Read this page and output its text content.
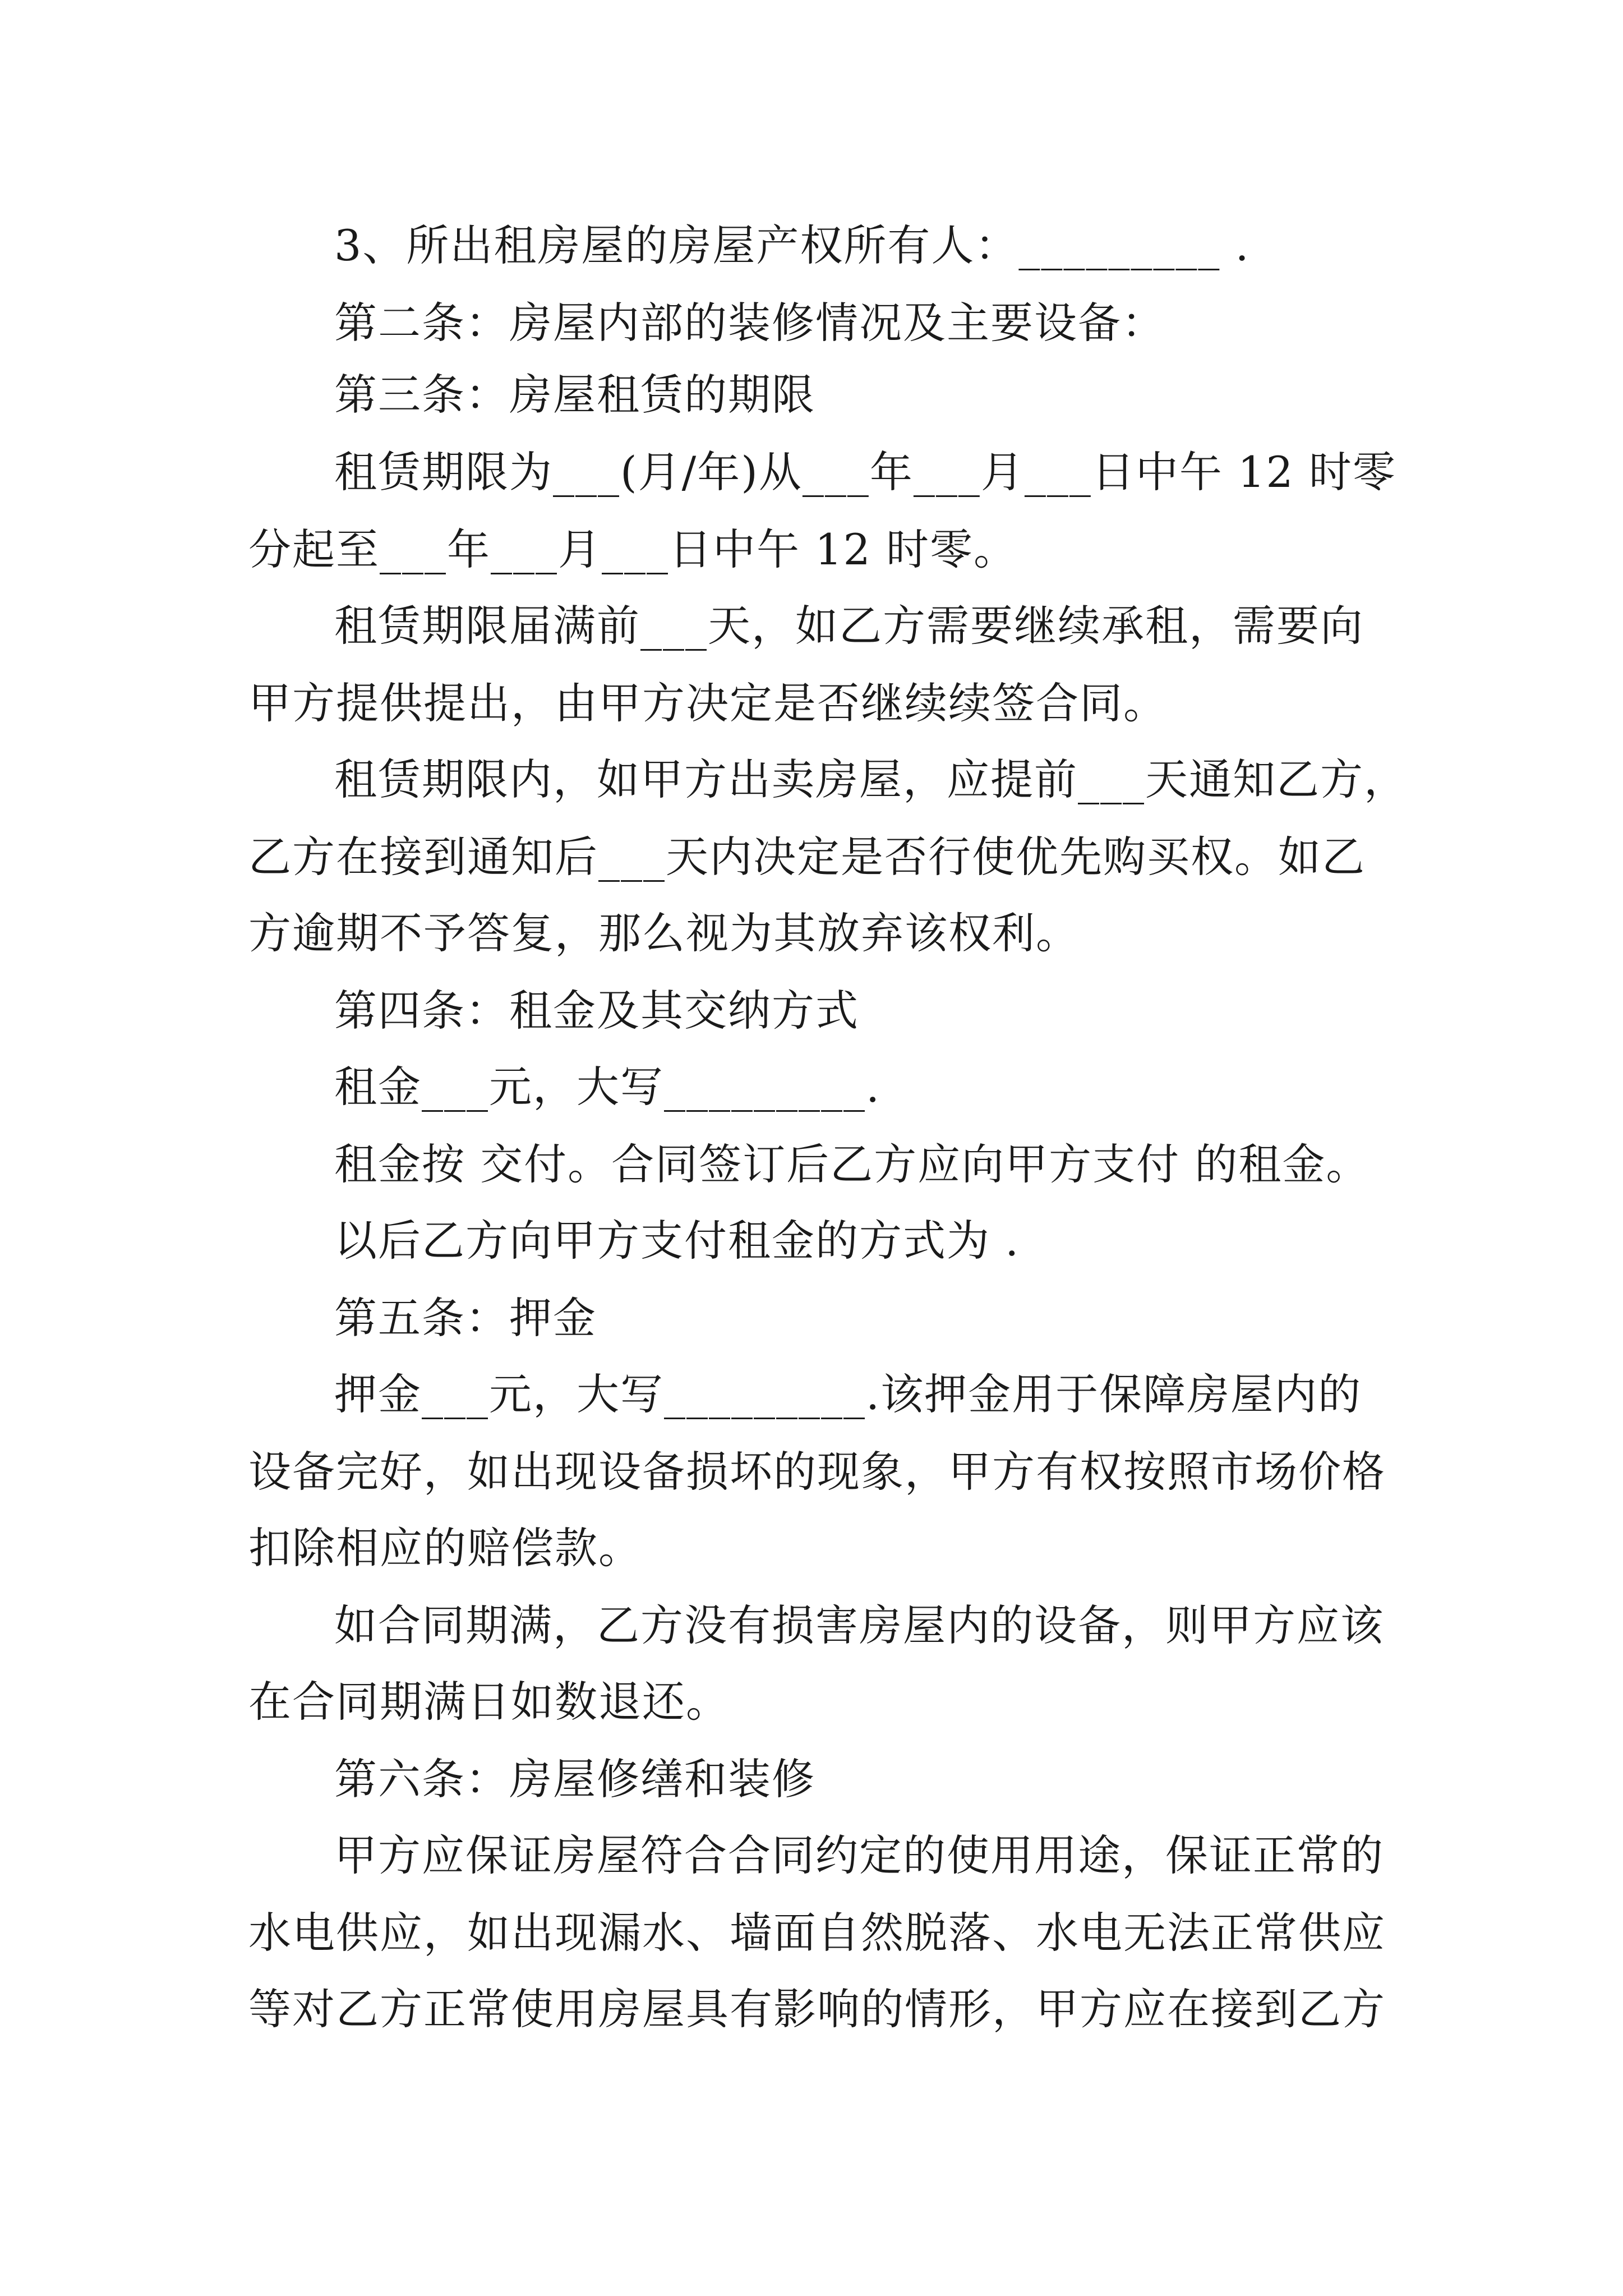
3、所出租房屋的房屋产权所有人：_________ .
第二条：房屋内部的装修情况及主要设备：
第三条：房屋租赁的期限
租赁期限为___(月/年)从___年___月___日中午 12 时零
分起至___年___月___日中午 12 时零。
租赁期限届满前___天，如乙方需要继续承租，需要向
甲方提供提出，由甲方决定是否继续续签合同。
租赁期限内，如甲方出卖房屋，应提前___天通知乙方，
乙方在接到通知后___天内决定是否行使优先购买权。如乙
方逾期不予答复，那么视为其放弃该权利。
第四条：租金及其交纳方式
租金___元，大写_________.
租金按 交付。合同签订后乙方应向甲方支付 的租金。
以后乙方向甲方支付租金的方式为 .
第五条：押金
押金___元，大写_________.该押金用于保障房屋内的
设备完好，如出现设备损坏的现象，甲方有权按照市场价格
扣除相应的赔偿款。
如合同期满，乙方没有损害房屋内的设备，则甲方应该
在合同期满日如数退还。
第六条：房屋修缮和装修
甲方应保证房屋符合合同约定的使用用途，保证正常的
水电供应，如出现漏水、墙面自然脱落、水电无法正常供应
等对乙方正常使用房屋具有影响的情形，甲方应在接到乙方
